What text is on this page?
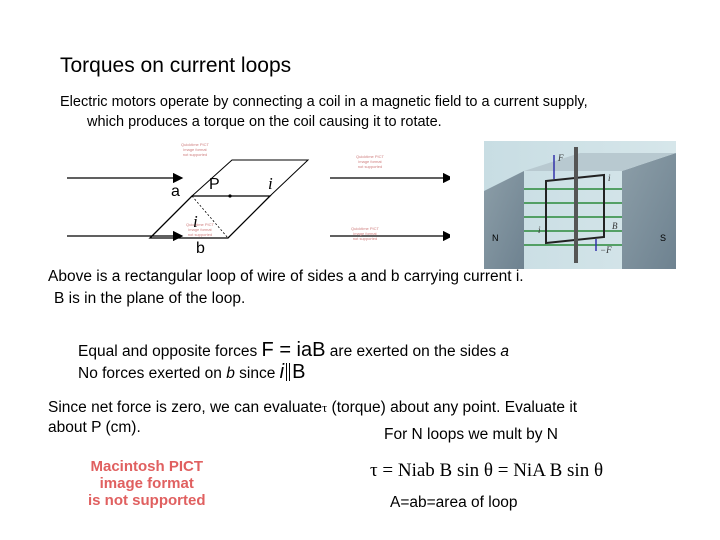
Torques on current loops
Electric motors operate by connecting a coil in a magnetic field to a current supply,
which produces a torque on the coil causing it to rotate.
Quicktime PICT
image format
not supported	Quicktime PICT
image format
not supported
Quicktime PICT
image format
not supported
Quicktime PICT
image format
not supported
a P	i
i
b
N	S
F
−F
i
i	B
Above is a rectangular loop of wire of sides a and b carrying current i.
B is in the plane of the loop.
Equal and opposite forces F = iaB are exerted on the sides a
No forces exerted on b since i B
Since net force is zero, we can evaluateτ (torque) about any point. Evaluate it
about P (cm).	For N loops we mult by N
Macintosh PICT
image format
is not supported
τ = Niab B sin θ = NiA B sin θ
A=ab=area of loop
